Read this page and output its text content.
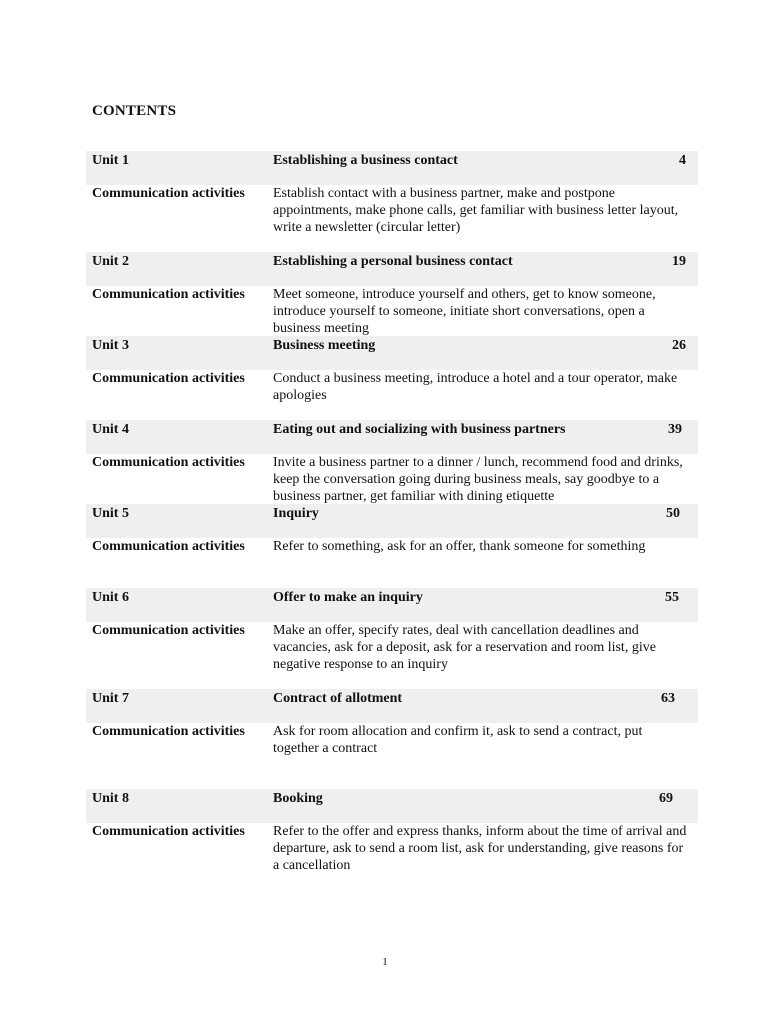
CONTENTS
Unit 1	Establishing a business contact	4
Communication activities	Establish contact with a business partner, make and postpone appointments, make phone calls, get familiar with business letter layout, write a newsletter (circular letter)
Unit 2	Establishing a personal business contact	19
Communication activities	Meet someone, introduce yourself and others, get to know someone, introduce yourself to someone, initiate short conversations, open a business meeting
Unit 3	Business meeting	26
Communication activities	Conduct a business meeting, introduce a hotel and a tour operator, make apologies
Unit 4	Eating out and socializing with business partners	39
Communication activities	Invite a business partner to a dinner / lunch, recommend food and drinks, keep the conversation going during business meals, say goodbye to a business partner, get familiar with dining etiquette
Unit 5	Inquiry	50
Communication activities	Refer to something, ask for an offer, thank someone for something
Unit 6	Offer to make an inquiry	55
Communication activities	Make an offer, specify rates, deal with cancellation deadlines and vacancies, ask for a deposit, ask for a reservation and room list, give negative response to an inquiry
Unit 7	Contract of allotment	63
Communication activities	Ask for room allocation and confirm it, ask to send a contract, put together a contract
Unit 8	Booking	69
Communication activities	Refer to the offer and express thanks, inform about the time of arrival and departure, ask to send a room list, ask for understanding, give reasons for a cancellation
1
